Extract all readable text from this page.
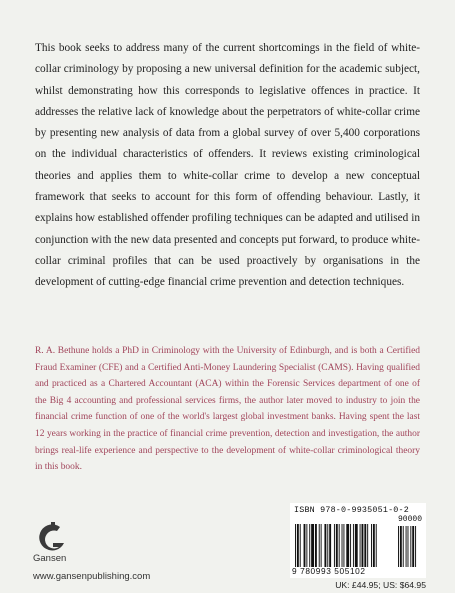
This book seeks to address many of the current shortcomings in the field of white-collar criminology by proposing a new universal definition for the academic subject, whilst demonstrating how this corresponds to legislative offences in practice. It addresses the relative lack of knowledge about the perpetrators of white-collar crime by presenting new analysis of data from a global survey of over 5,400 corporations on the individual characteristics of offenders. It reviews existing criminological theories and applies them to white-collar crime to develop a new conceptual framework that seeks to account for this form of offending behaviour. Lastly, it explains how established offender profiling techniques can be adapted and utilised in conjunction with the new data presented and concepts put forward, to produce white-collar criminal profiles that can be used proactively by organisations in the development of cutting-edge financial crime prevention and detection techniques.
R. A. Bethune holds a PhD in Criminology with the University of Edinburgh, and is both a Certified Fraud Examiner (CFE) and a Certified Anti-Money Laundering Specialist (CAMS). Having qualified and practiced as a Chartered Accountant (ACA) within the Forensic Services department of one of the Big 4 accounting and professional services firms, the author later moved to industry to join the financial crime function of one of the world's largest global investment banks. Having spent the last 12 years working in the practice of financial crime prevention, detection and investigation, the author brings real-life experience and perspective to the development of white-collar criminological theory in this book.
Gansen
www.gansenpublishing.com
ISBN 978-0-9935051-0-2
90000
9 780993 505102
UK: £44.95; US: $64.95
